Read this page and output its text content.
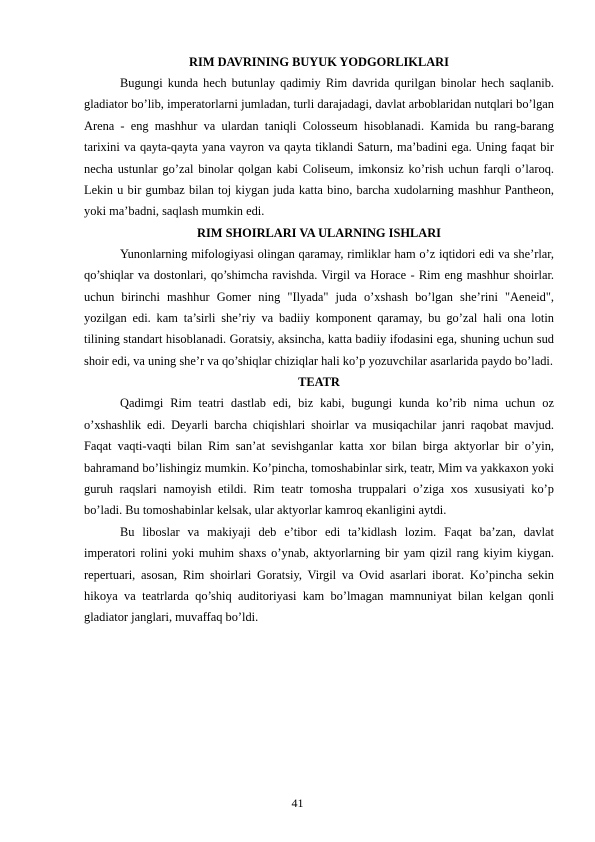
RIM DAVRINING BUYUK YODGORLIKLARI

Bugungi kunda hech butunlay qadimiy Rim davrida qurilgan binolar hech saqlanib. gladiator bo’lib, imperatorlarni jumladan, turli darajadagi, davlat arboblaridan nutqlari bo’lgan Arena - eng mashhur va ulardan taniqli Colosseum hisoblanadi. Kamida bu rang-barang tarixini va qayta-qayta yana vayron va qayta tiklandi Saturn, ma’badini ega. Uning faqat bir necha ustunlar go’zal binolar qolgan kabi Coliseum, imkonsiz ko’rish uchun farqli o’laroq. Lekin u bir gumbaz bilan toj kiygan juda katta bino, barcha xudolarning mashhur Pantheon, yoki ma’badni, saqlash mumkin edi.

RIM SHOIRLARI VA ULARNING ISHLARI

Yunonlarning mifologiyasi olingan qaramay, rimliklar ham o’z iqtidori edi va she’rlar, qo’shiqlar va dostonlari, qo’shimcha ravishda. Virgil va Horace - Rim eng mashhur shoirlar. uchun birinchi mashhur Gomer ning "Ilyada" juda o’xshash bo’lgan she’rini "Aeneid", yozilgan edi. kam ta’sirli she’riy va badiiy komponent qaramay, bu go’zal hali ona lotin tilining standart hisoblanadi. Goratsiy, aksincha, katta badiiy ifodasini ega, shuning uchun sud shoir edi, va uning she’r va qo’shiqlar chiziqlar hali ko’p yozuvchilar asarlarida paydo bo’ladi.

TEATR

Qadimgi Rim teatri dastlab edi, biz kabi, bugungi kunda ko’rib nima uchun oz o’xshashlik edi. Deyarli barcha chiqishlari shoirlar va musiqachilar janri raqobat mavjud. Faqat vaqti-vaqti bilan Rim san’at sevishganlar katta xor bilan birga aktyorlar bir o’yin, bahramand bo’lishingiz mumkin. Ko’pincha, tomoshabinlar sirk, teatr, Mim va yakkaxon yoki guruh raqslari namoyish etildi. Rim teatr tomosha truppalari o’ziga xos xususiyati ko’p bo’ladi. Bu tomoshabinlar kelsak, ular aktyorlar kamroq ekanligini aytdi.

Bu liboslar va makiyaji deb e’tibor edi ta’kidlash lozim. Faqat ba’zan, davlat imperatori rolini yoki muhim shaxs o’ynab, aktyorlarning bir yam qizil rang kiyim kiygan. repertuari, asosan, Rim shoirlari Goratsiy, Virgil va Ovid asarlari iborat. Ko’pincha sekin hikoya va teatrlarda qo’shiq auditoriyasi kam bo’lmagan mamnuniyat bilan kelgan qonli gladiator janglari, muvaffaq bo’ldi.

41
